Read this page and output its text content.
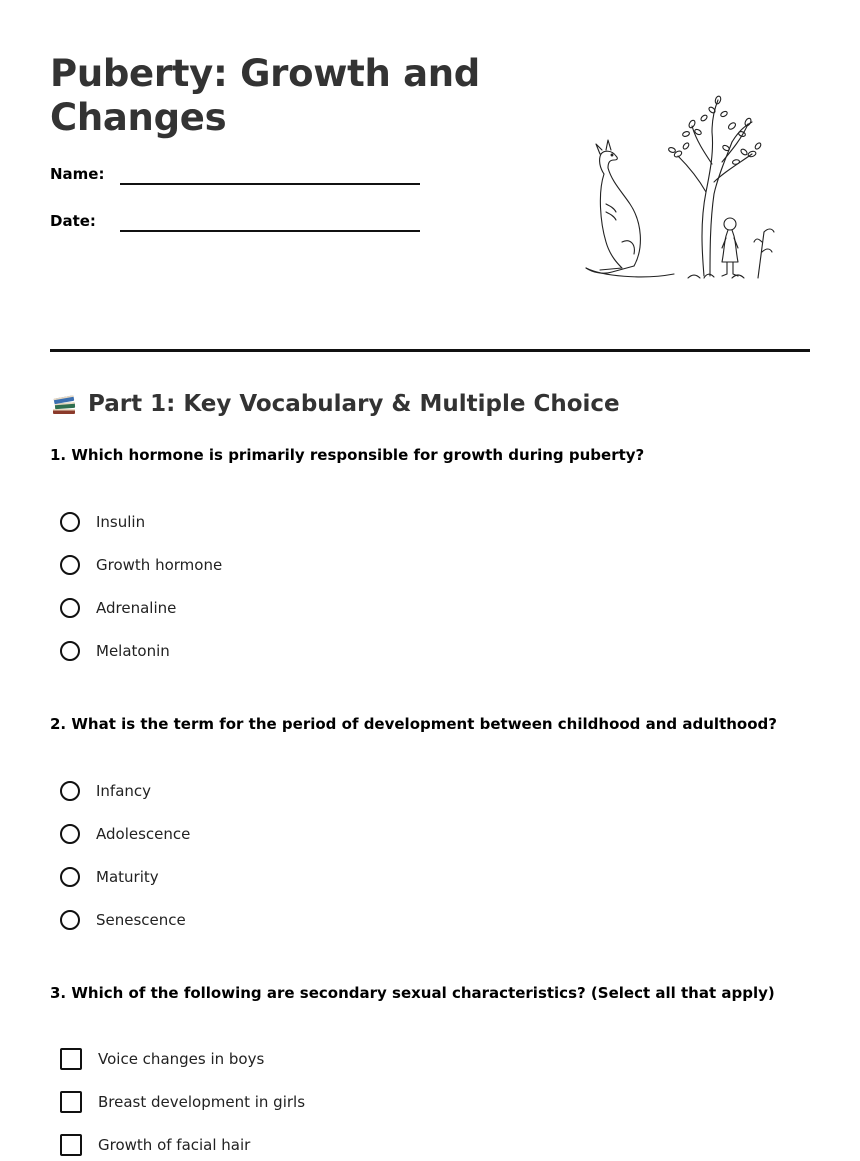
Puberty: Growth and Changes
Name:
Date:
Part 1: Key Vocabulary & Multiple Choice
1. Which hormone is primarily responsible for growth during puberty?
Insulin
Growth hormone
Adrenaline
Melatonin
2. What is the term for the period of development between childhood and adulthood?
Infancy
Adolescence
Maturity
Senescence
3. Which of the following are secondary sexual characteristics? (Select all that apply)
Voice changes in boys
Breast development in girls
Growth of facial hair
